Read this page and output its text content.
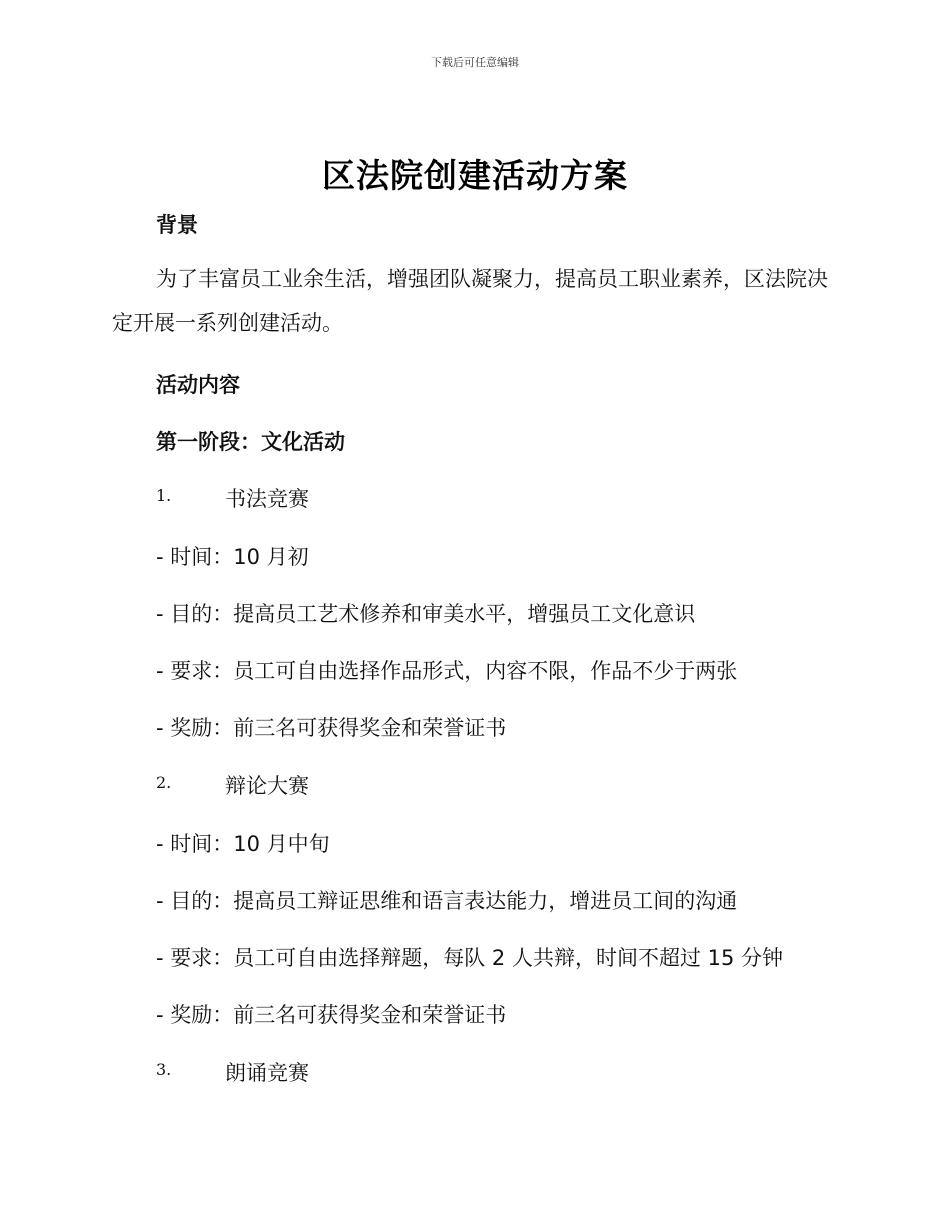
下载后可任意编辑
区法院创建活动方案
背景
为了丰富员工业余生活，增强团队凝聚力，提高员工职业素养，区法院决定开展一系列创建活动。
活动内容
第一阶段：文化活动
1.	书法竞赛
- 时间：10 月初
- 目的：提高员工艺术修养和审美水平，增强员工文化意识
- 要求：员工可自由选择作品形式，内容不限，作品不少于两张
- 奖励：前三名可获得奖金和荣誉证书
2.	辩论大赛
- 时间：10 月中旬
- 目的：提高员工辩证思维和语言表达能力，增进员工间的沟通
- 要求：员工可自由选择辩题，每队 2 人共辩，时间不超过 15 分钟
- 奖励：前三名可获得奖金和荣誉证书
3.	朗诵竞赛
